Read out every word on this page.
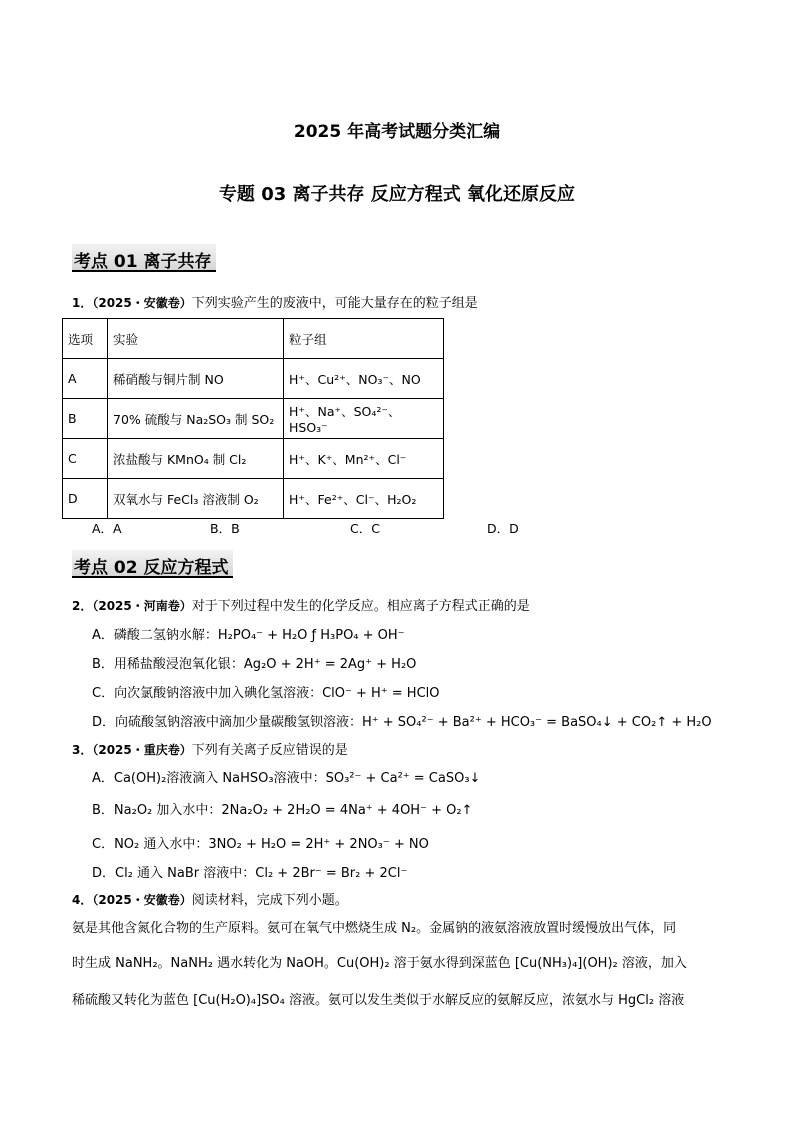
2025 年高考试题分类汇编
专题 03 离子共存 反应方程式 氧化还原反应
考点 01 离子共存
1．（2025・安徽卷）下列实验产生的废液中，可能大量存在的粒子组是
选项	实验	粒子组
A	稀硝酸与铜片制 NO	H⁺、Cu²⁺、NO₃⁻、NO
B	70% 硫酸与 Na₂SO₃ 制 SO₂	H⁺、Na⁺、SO₄²⁻、HSO₃⁻
C	浓盐酸与 KMnO₄ 制 Cl₂	H⁺、K⁺、Mn²⁺、Cl⁻
D	双氧水与 FeCl₃ 溶液制 O₂	H⁺、Fe²⁺、Cl⁻、H₂O₂
A．A	B．B	C．C	D．D
考点 02 反应方程式
2．（2025・河南卷）对于下列过程中发生的化学反应。相应离子方程式正确的是
A．磷酸二氢钠水解：H₂PO₄⁻ + H₂O ƒ H₃PO₄ + OH⁻
B．用稀盐酸浸泡氧化银：Ag₂O + 2H⁺ = 2Ag⁺ + H₂O
C．向次氯酸钠溶液中加入碘化氢溶液：ClO⁻ + H⁺ = HClO
D．向硫酸氢钠溶液中滴加少量碳酸氢钡溶液：H⁺ + SO₄²⁻ + Ba²⁺ + HCO₃⁻ = BaSO₄↓ + CO₂↑ + H₂O
3．（2025・重庆卷）下列有关离子反应错误的是
A．Ca(OH)₂溶液滴入 NaHSO₃溶液中：SO₃²⁻ + Ca²⁺ = CaSO₃↓
B．Na₂O₂ 加入水中：2Na₂O₂ + 2H₂O = 4Na⁺ + 4OH⁻ + O₂↑
C．NO₂ 通入水中：3NO₂ + H₂O = 2H⁺ + 2NO₃⁻ + NO
D．Cl₂ 通入 NaBr 溶液中：Cl₂ + 2Br⁻ = Br₂ + 2Cl⁻
4．（2025・安徽卷）阅读材料，完成下列小题。
氨是其他含氮化合物的生产原料。氨可在氧气中燃烧生成 N₂。金属钠的液氨溶液放置时缓慢放出气体，同
时生成 NaNH₂。NaNH₂ 遇水转化为 NaOH。Cu(OH)₂ 溶于氨水得到深蓝色 [Cu(NH₃)₄](OH)₂ 溶液，加入
稀硫酸又转化为蓝色 [Cu(H₂O)₄]SO₄ 溶液。氨可以发生类似于水解反应的氨解反应，浓氨水与 HgCl₂ 溶液
